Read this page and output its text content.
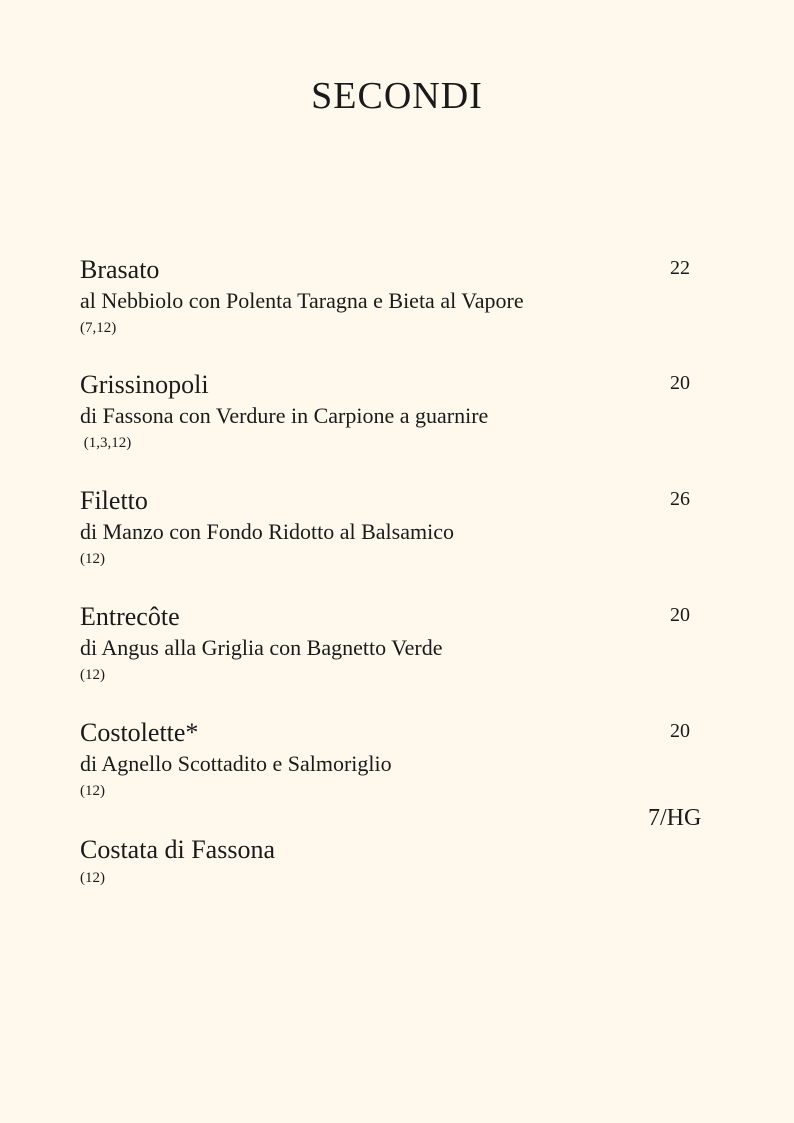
SECONDI
Brasato
al Nebbiolo con Polenta Taragna e Bieta al Vapore
(7,12)
22
Grissinopoli
di Fassona con Verdure in Carpione a guarnire
(1,3,12)
20
Filetto
di Manzo con Fondo Ridotto al Balsamico
(12)
26
Entrecôte
di Angus alla Griglia con Bagnetto Verde
(12)
20
Costolette*
di Agnello Scottadito e Salmoriglio
(12)
20
Costata di Fassona
(12)
7/HG
